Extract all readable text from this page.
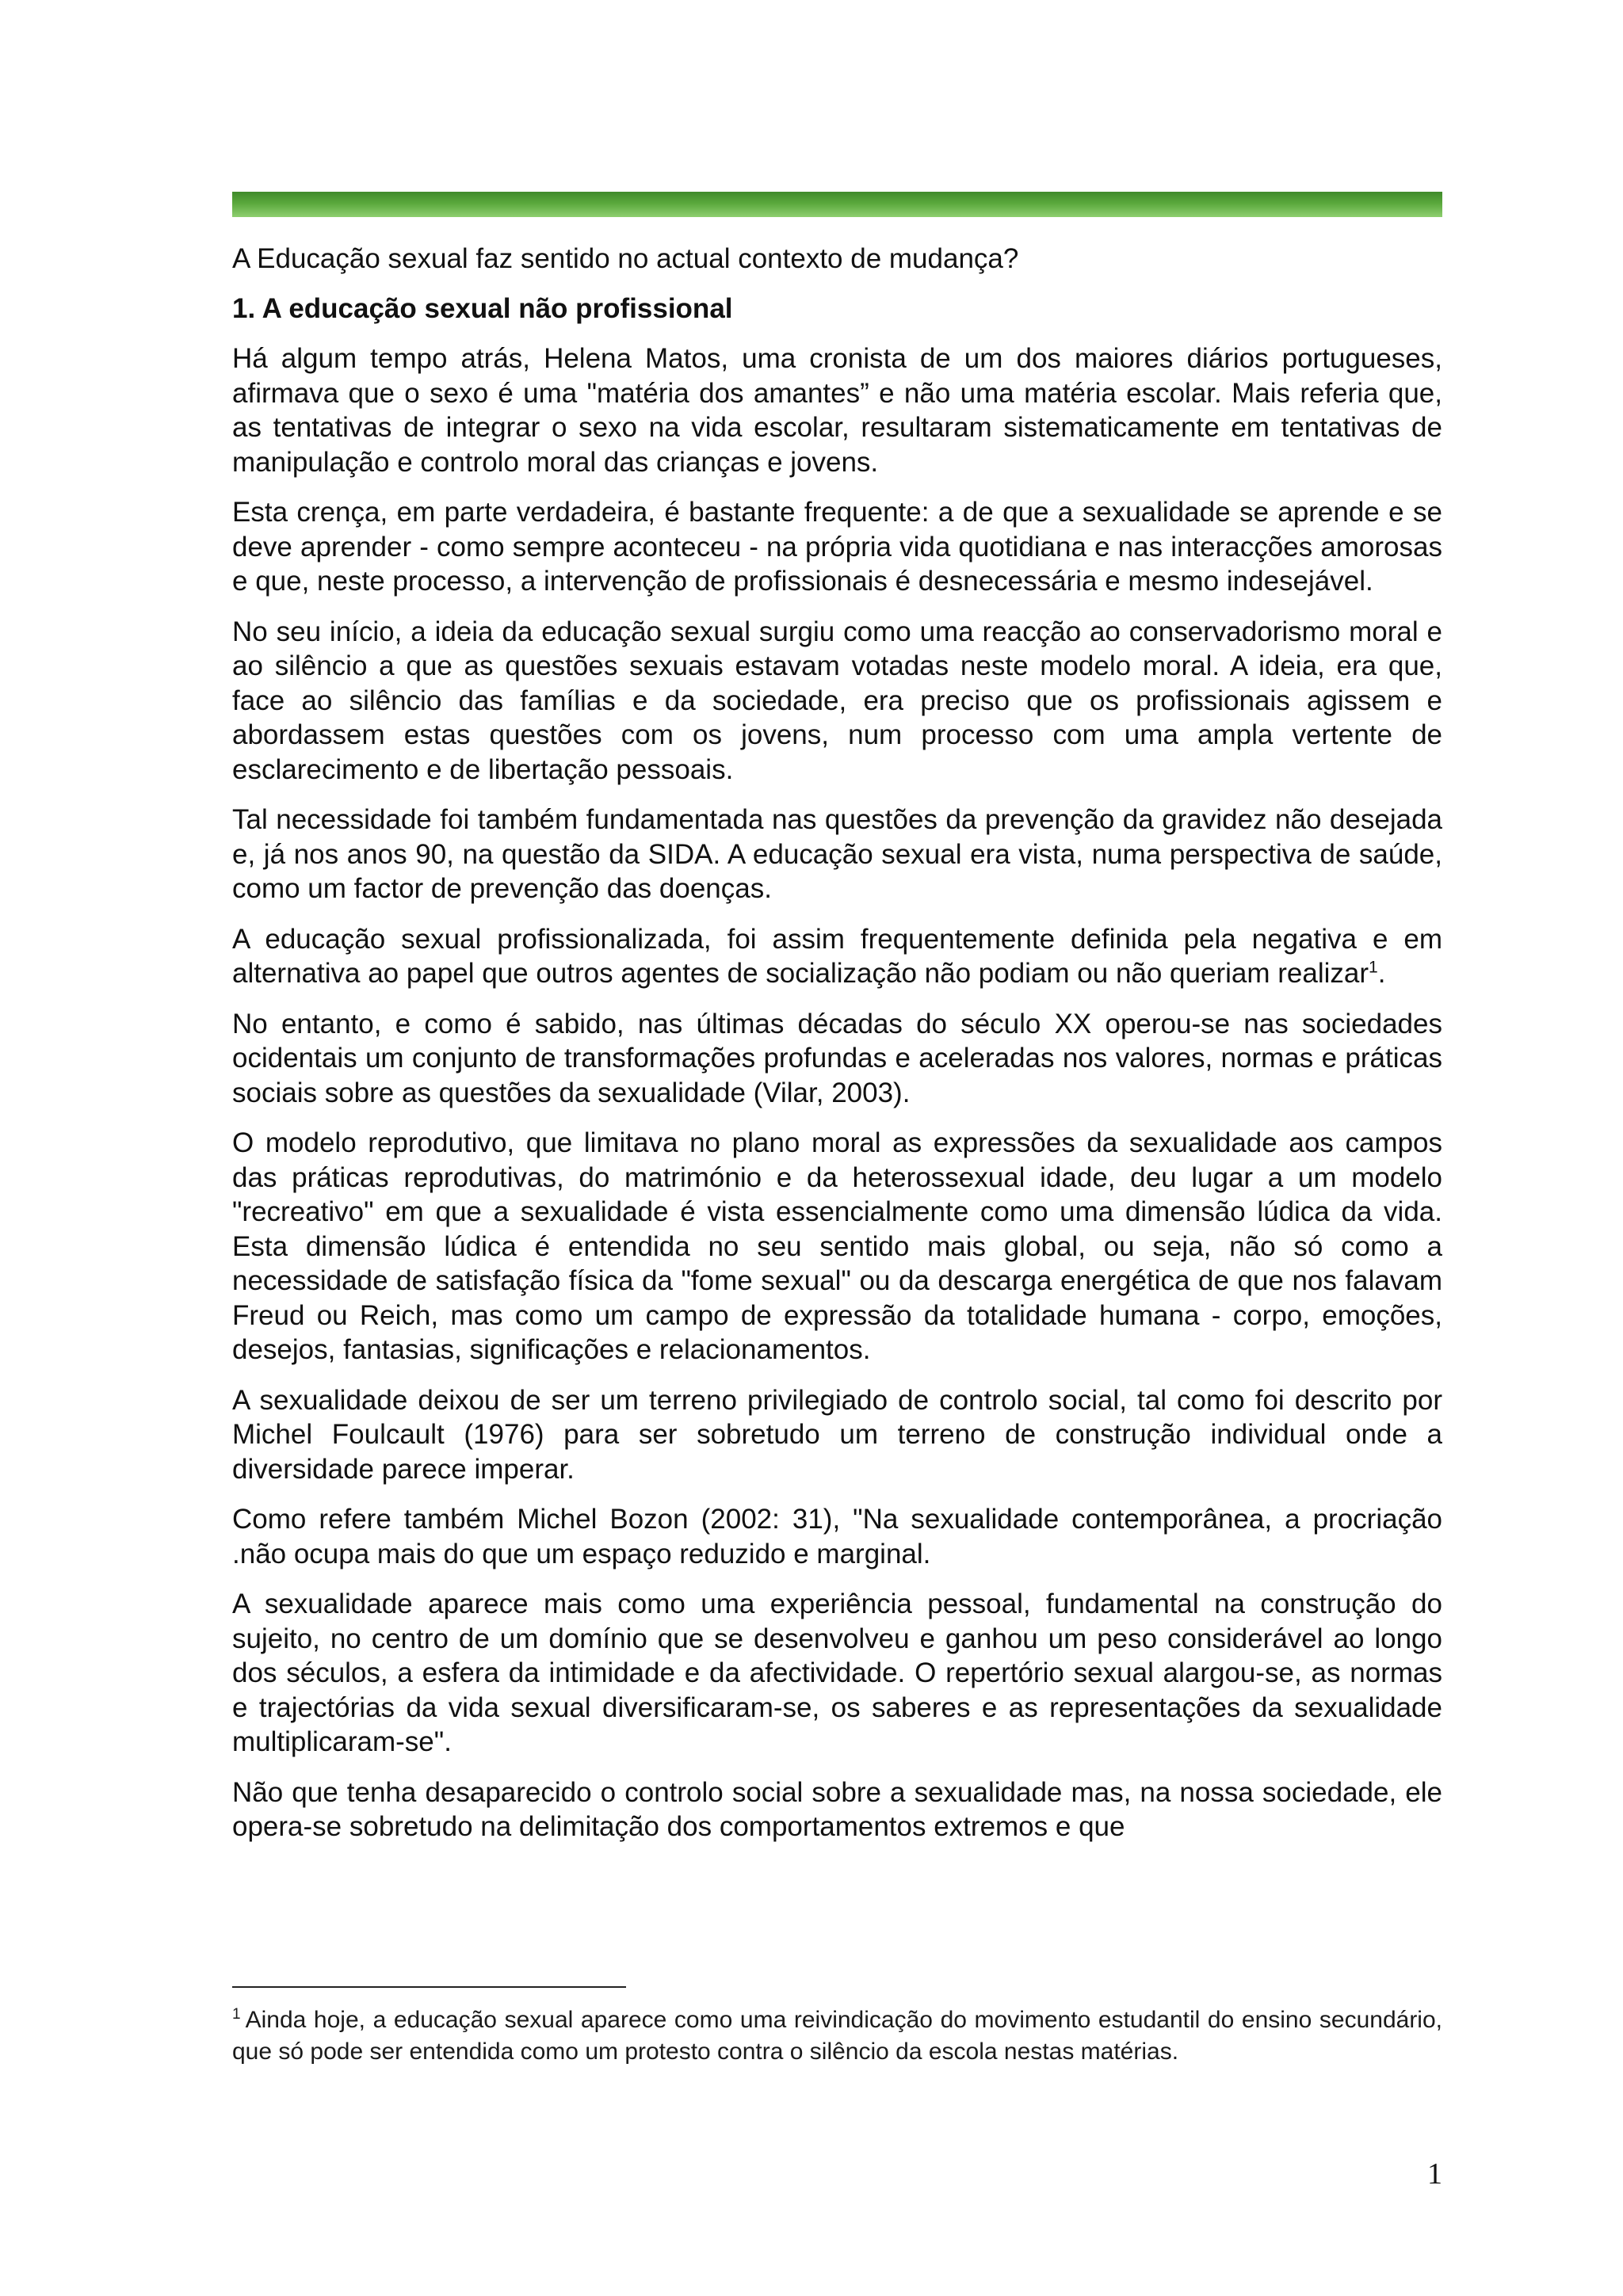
A Educação sexual faz sentido no actual contexto de mudança?
1. A educação sexual não profissional

Há algum tempo atrás, Helena Matos, uma cronista de um dos maiores diários portugueses, afirmava que o sexo é uma "matéria dos amantes” e não uma matéria escolar. Mais referia que, as tentativas de integrar o sexo na vida escolar, resultaram sistematicamente em tentativas de manipulação e controlo moral das crianças e jovens.

Esta crença, em parte verdadeira, é bastante frequente: a de que a sexualidade se aprende e se deve aprender - como sempre aconteceu - na própria vida quotidiana e nas interacções amorosas e que, neste processo, a intervenção de profissionais é desnecessária e mesmo indesejável.

No seu início, a ideia da educação sexual surgiu como uma reacção ao conservadorismo moral e ao silêncio a que as questões sexuais estavam votadas neste modelo moral. A ideia, era que, face ao silêncio das famílias e da sociedade, era preciso que os profissionais agissem e abordassem estas questões com os jovens, num processo com uma ampla vertente de esclarecimento e de libertação pessoais.

Tal necessidade foi também fundamentada nas questões da prevenção da gravidez não desejada e, já nos anos 90, na questão da SIDA. A educação sexual era vista, numa perspectiva de saúde, como um factor de prevenção das doenças.

A educação sexual profissionalizada, foi assim frequentemente definida pela negativa e em alternativa ao papel que outros agentes de socialização não podiam ou não queriam realizar$^1$.

No entanto, e como é sabido, nas últimas décadas do século XX operou-se nas sociedades ocidentais um conjunto de transformações profundas e aceleradas nos valores, normas e práticas sociais sobre as questões da sexualidade (Vilar, 2003).

O modelo reprodutivo, que limitava no plano moral as expressões da sexualidade aos campos das práticas reprodutivas, do matrimónio e da heterossexual idade, deu lugar a um modelo "recreativo" em que a sexualidade é vista essencialmente como uma dimensão lúdica da vida. Esta dimensão lúdica é entendida no seu sentido mais global, ou seja, não só como a necessidade de satisfação física da "fome sexual" ou da descarga energética de que nos falavam Freud ou Reich, mas como um campo de expressão da totalidade humana - corpo, emoções, desejos, fantasias, significações e relacionamentos.

A sexualidade deixou de ser um terreno privilegiado de controlo social, tal como foi descrito por Michel Foulcault (1976) para ser sobretudo um terreno de construção individual onde a diversidade parece imperar.

Como refere também Michel Bozon (2002: 31), "Na sexualidade contemporânea, a procriação .não ocupa mais do que um espaço reduzido e marginal.

A sexualidade aparece mais como uma experiência pessoal, fundamental na construção do sujeito, no centro de um domínio que se desenvolveu e ganhou um peso considerável ao longo dos séculos, a esfera da intimidade e da afectividade. O repertório sexual alargou-se, as normas e trajectórias da vida sexual diversificaram-se, os saberes e as representações da sexualidade multiplicaram-se".

Não que tenha desaparecido o controlo social sobre a sexualidade mas, na nossa sociedade, ele opera-se sobretudo na delimitação dos comportamentos extremos e que

$^1$ Ainda hoje, a educação sexual aparece como uma reivindicação do movimento estudantil do ensino secundário, que só pode ser entendida como um protesto contra o silêncio da escola nestas matérias.
1
